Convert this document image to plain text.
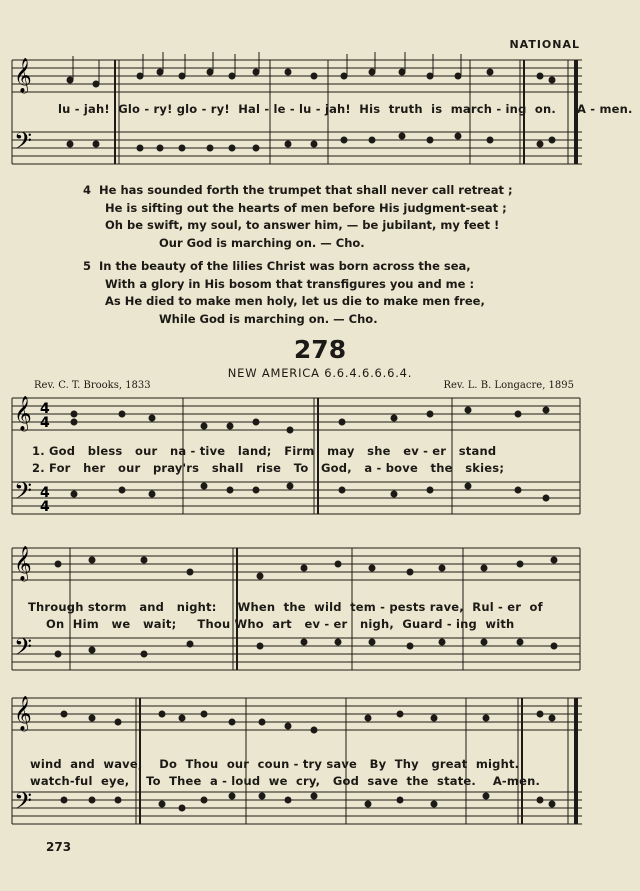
NATIONAL
𝄞
𝄢
lu - jah!  Glo - ry! glo - ry!  Hal - le - lu - jah!  His  truth  is  march - ing  on.     A - men.
4 He has sounded forth the trumpet that shall never call retreat ;
He is sifting out the hearts of men before His judgment-seat ;
Oh be swift, my soul, to answer him, — be jubilant, my feet !
Our God is marching on. — Cho.
5 In the beauty of the lilies Christ was born across the sea,
With a glory in His bosom that transfigures you and me :
As He died to make men holy, let us die to make men free,
While God is marching on. — Cho.
278
NEW AMERICA 6.6.4.6.6.6.4.
Rev. C. T. Brooks, 1833	Rev. L. B. Longacre, 1895
𝄞
𝄢
4
4
4
4
1. God   bless   our   na - tive   land;   Firm   may   she   ev - er   stand
2. For   her   our   pray'rs   shall   rise   To   God,   a - bove   the   skies;
𝄞
𝄢
Through storm   and   night:     When  the  wild  tem - pests rave,  Rul - er  of
On  Him   we   wait;     Thou Who  art   ev - er   nigh,  Guard - ing  with
𝄞
𝄢
wind  and  wave,    Do  Thou  our  coun - try save   By  Thy   great  might.
watch-ful  eye,    To  Thee  a - loud  we  cry,   God  save  the  state.    A-men.
273
